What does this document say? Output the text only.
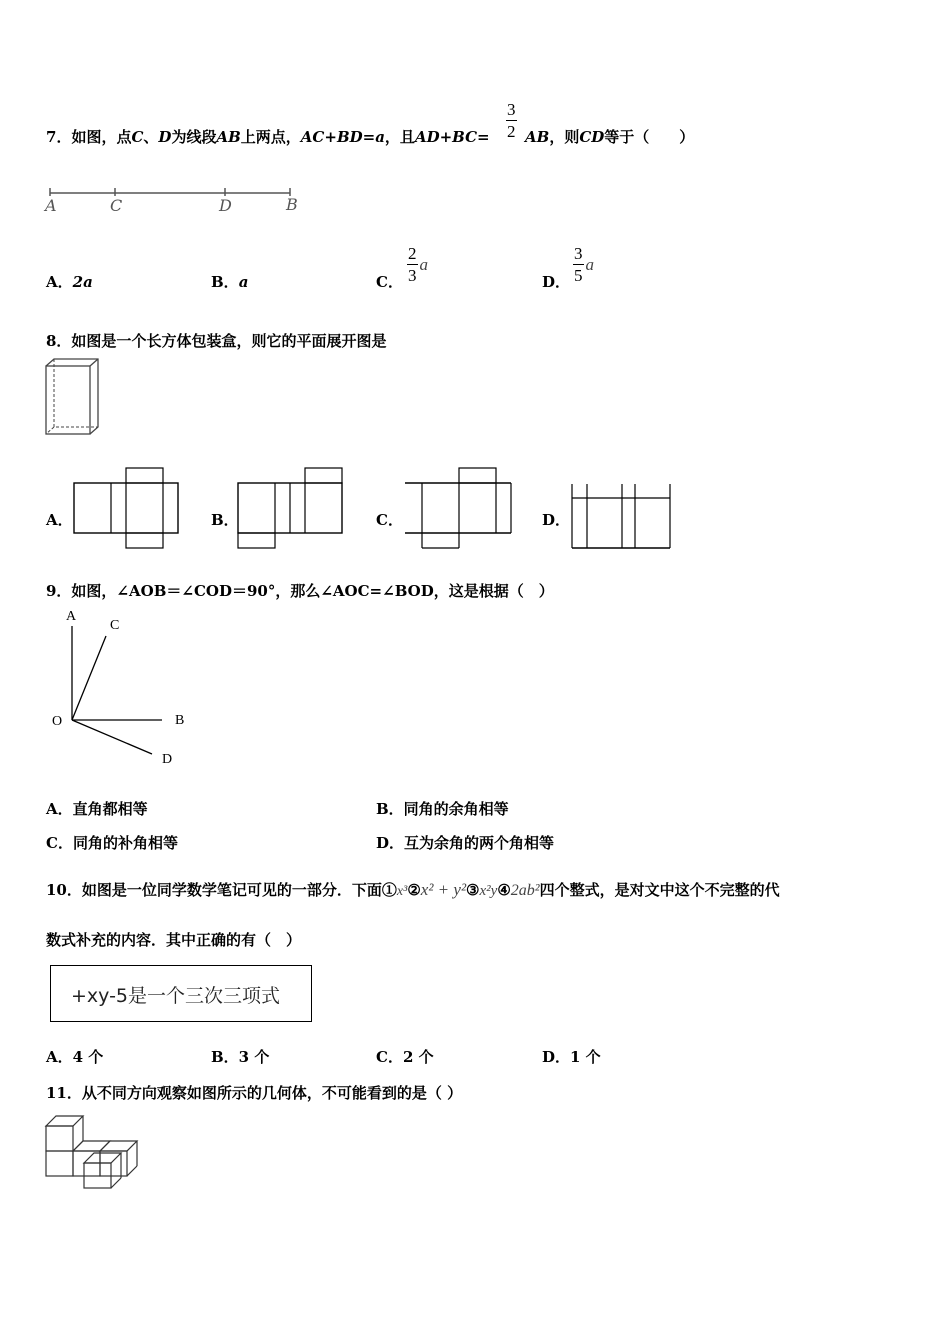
7．如图，点C、D为线段AB上两点，AC+BD=a，且$AD+BC= \frac{3}{2}$ AB，则CD等于（　　）
A	C	D	B
A．2a	B．a	C． $\frac{2}{3}$ a
D． $\frac{3}{5}$ a
8．如图是一个长方体包装盒，则它的平面展开图是
A．	B．	C．	D．
9．如图，∠AOB＝∠COD＝90°，那么∠AOC=∠BOD，这是根据（　）
A
C
O	B
D
A．直角都相等	B．同角的余角相等
C．同角的补角相等	D．互为余角的两个角相等
10．如图是一位同学数学笔记可见的一部分．下面①x³②x² + y²③x²y④2ab²四个整式，是对文中这个不完整的代
数式补充的内容．其中正确的有（　）
+xy-5是一个三次三项式
A．4 个	B．3 个	C．2 个	D．1 个
11．从不同方向观察如图所示的几何体，不可能看到的是（ ）
